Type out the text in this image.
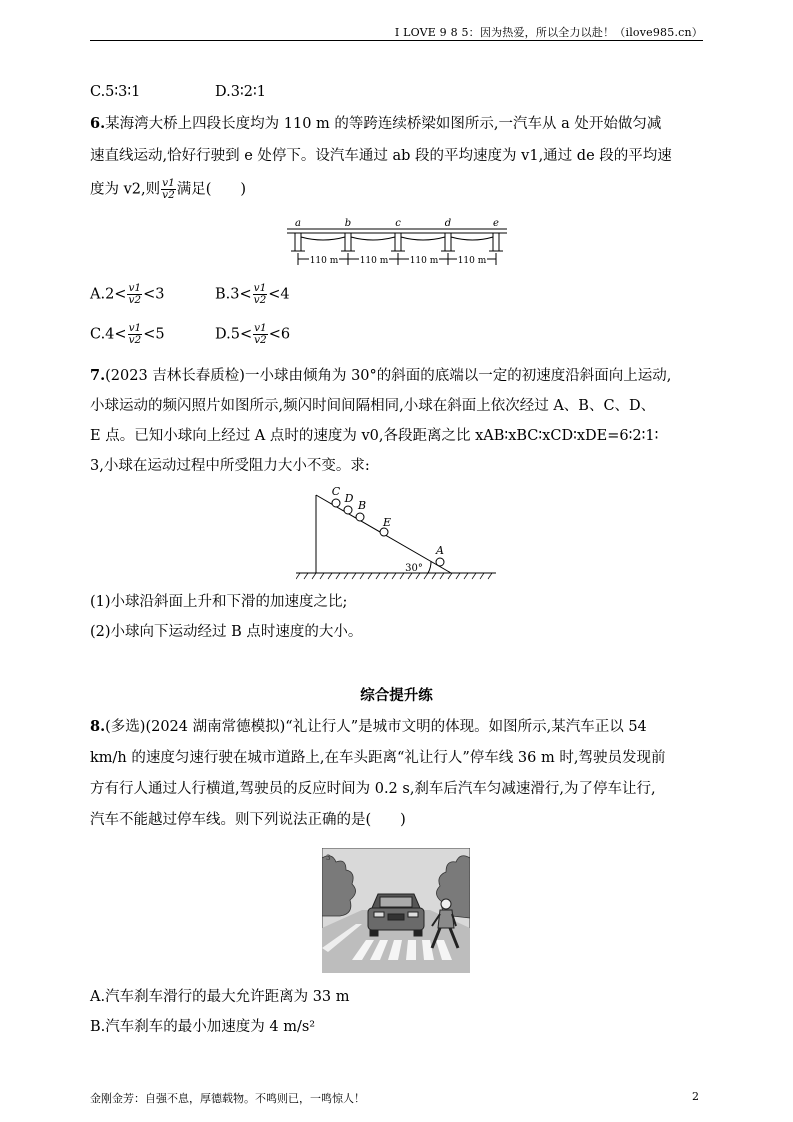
I LOVE 9 8 5：因为热爱，所以全力以赴！（ilove985.cn）
C.5∶3∶1	D.3∶2∶1
6.某海湾大桥上四段长度均为 110 m 的等跨连续桥梁如图所示,一汽车从 a 处开始做匀减
速直线运动,恰好行驶到 e 处停下。设汽车通过 ab 段的平均速度为 v1,通过 de 段的平均速
度为 v2,则 $\frac{v1}{v2}$ 满足(　　)
a	b	c	d	e
110 m 110 m 110 m 110 m
$A.2< \frac{v1}{v2} <3$	$B.3< \frac{v1}{v2} <4$
$C.4< \frac{v1}{v2} <5$	$D.5< \frac{v1}{v2} <6$
7.(2023 吉林长春质检)一小球由倾角为 30°的斜面的底端以一定的初速度沿斜面向上运动,
小球运动的频闪照片如图所示,频闪时间间隔相同,小球在斜面上依次经过 A、B、C、D、
E 点。已知小球向上经过 A 点时的速度为 v0,各段距离之比 xAB∶xBC∶xCD∶xDE=6∶2∶1∶
3,小球在运动过程中所受阻力大小不变。求:
C
D
B
E
A
30°
(1)小球沿斜面上升和下滑的加速度之比;
(2)小球向下运动经过 B 点时速度的大小。
综合提升练
8.(多选)(2024 湖南常德模拟)“礼让行人”是城市文明的体现。如图所示,某汽车正以 54
km/h 的速度匀速行驶在城市道路上,在车头距离“礼让行人”停车线 36 m 时,驾驶员发现前
方有行人通过人行横道,驾驶员的反应时间为 0.2 s,刹车后汽车匀减速滑行,为了停车让行,
汽车不能越过停车线。则下列说法正确的是(　　)
3
A.汽车刹车滑行的最大允许距离为 33 m
B.汽车刹车的最小加速度为 4 m/s²
金刚金芳：自强不息，厚德载物。不鸣则已，一鸣惊人！	2
